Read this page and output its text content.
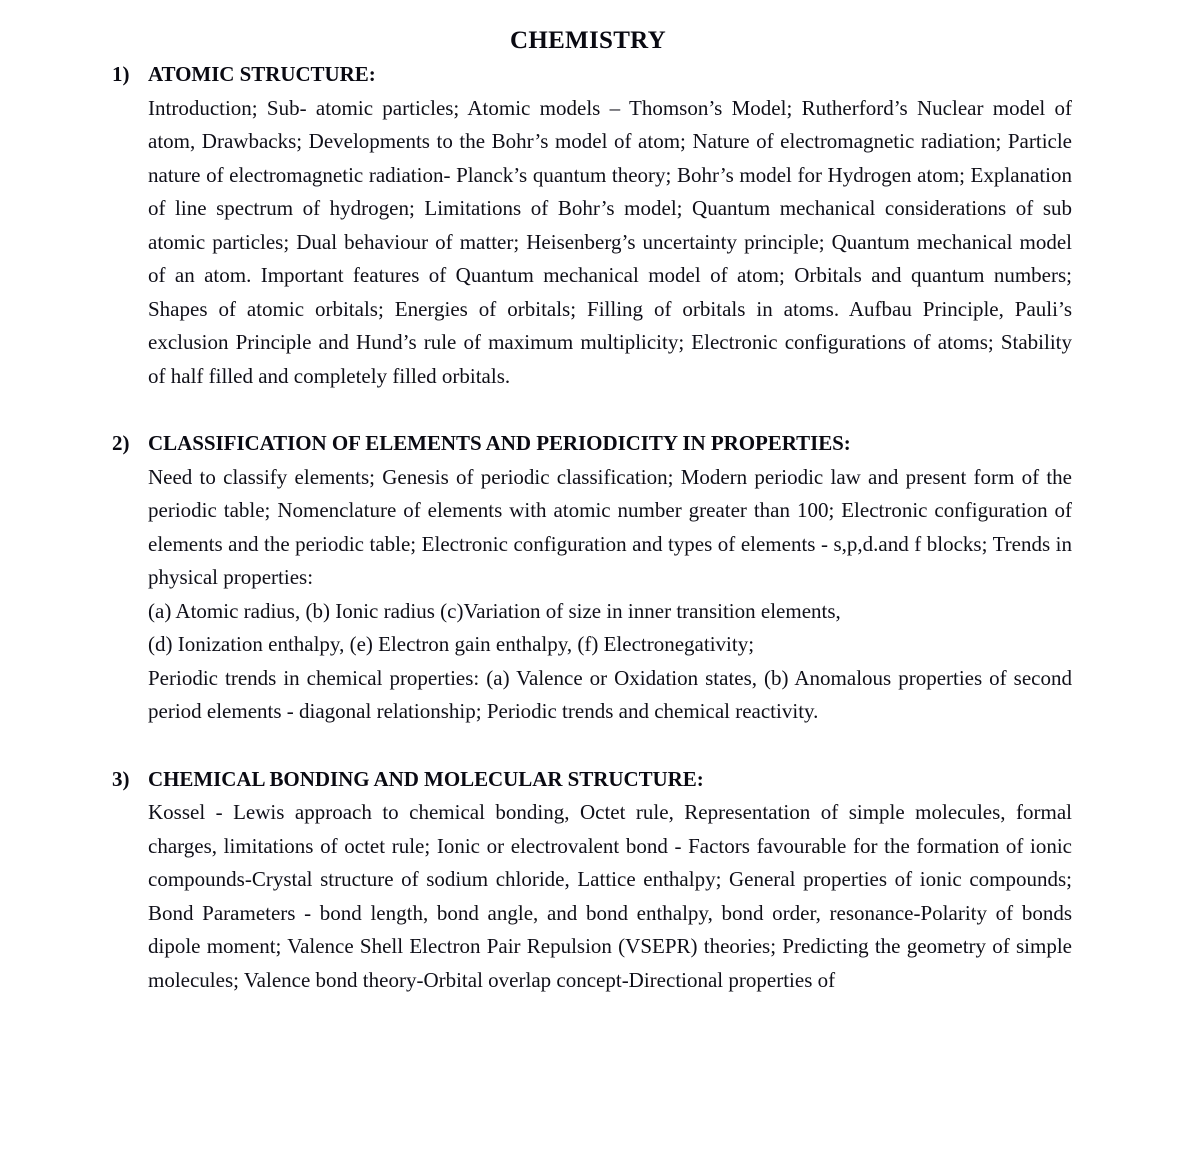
CHEMISTRY
1) ATOMIC STRUCTURE:

Introduction; Sub- atomic particles; Atomic models – Thomson’s Model; Rutherford’s Nuclear model of atom, Drawbacks; Developments to the Bohr’s model of atom; Nature of electromagnetic radiation; Particle nature of electromagnetic radiation- Planck’s quantum theory; Bohr’s model for Hydrogen atom; Explanation of line spectrum of hydrogen; Limitations of Bohr’s model; Quantum mechanical considerations of sub atomic particles; Dual behaviour of matter; Heisenberg’s uncertainty principle; Quantum mechanical model of an atom. Important features of Quantum mechanical model of atom; Orbitals and quantum numbers; Shapes of atomic orbitals; Energies of orbitals; Filling of orbitals in atoms. Aufbau Principle, Pauli’s exclusion Principle and Hund’s rule of maximum multiplicity; Electronic configurations of atoms; Stability of half filled and completely filled orbitals.

2) CLASSIFICATION OF ELEMENTS AND PERIODICITY IN PROPERTIES:

Need to classify elements; Genesis of periodic classification; Modern periodic law and present form of the periodic table; Nomenclature of elements with atomic number greater than 100; Electronic configuration of elements and the periodic table; Electronic configuration and types of elements - s,p,d.and f blocks; Trends in physical properties:

(a) Atomic radius, (b) Ionic radius (c)Variation of size in inner transition elements,
(d) Ionization enthalpy, (e) Electron gain enthalpy, (f) Electronegativity;

Periodic trends in chemical properties: (a) Valence or Oxidation states, (b) Anomalous properties of second period elements - diagonal relationship; Periodic trends and chemical reactivity.

3) CHEMICAL BONDING AND MOLECULAR STRUCTURE:

Kossel - Lewis approach to chemical bonding, Octet rule, Representation of simple molecules, formal charges, limitations of octet rule; Ionic or electrovalent bond - Factors favourable for the formation of ionic compounds-Crystal structure of sodium chloride, Lattice enthalpy; General properties of ionic compounds; Bond Parameters - bond length, bond angle, and bond enthalpy, bond order, resonance-Polarity of bonds dipole moment; Valence Shell Electron Pair Repulsion (VSEPR) theories; Predicting the geometry of simple molecules; Valence bond theory-Orbital overlap concept-Directional properties of
